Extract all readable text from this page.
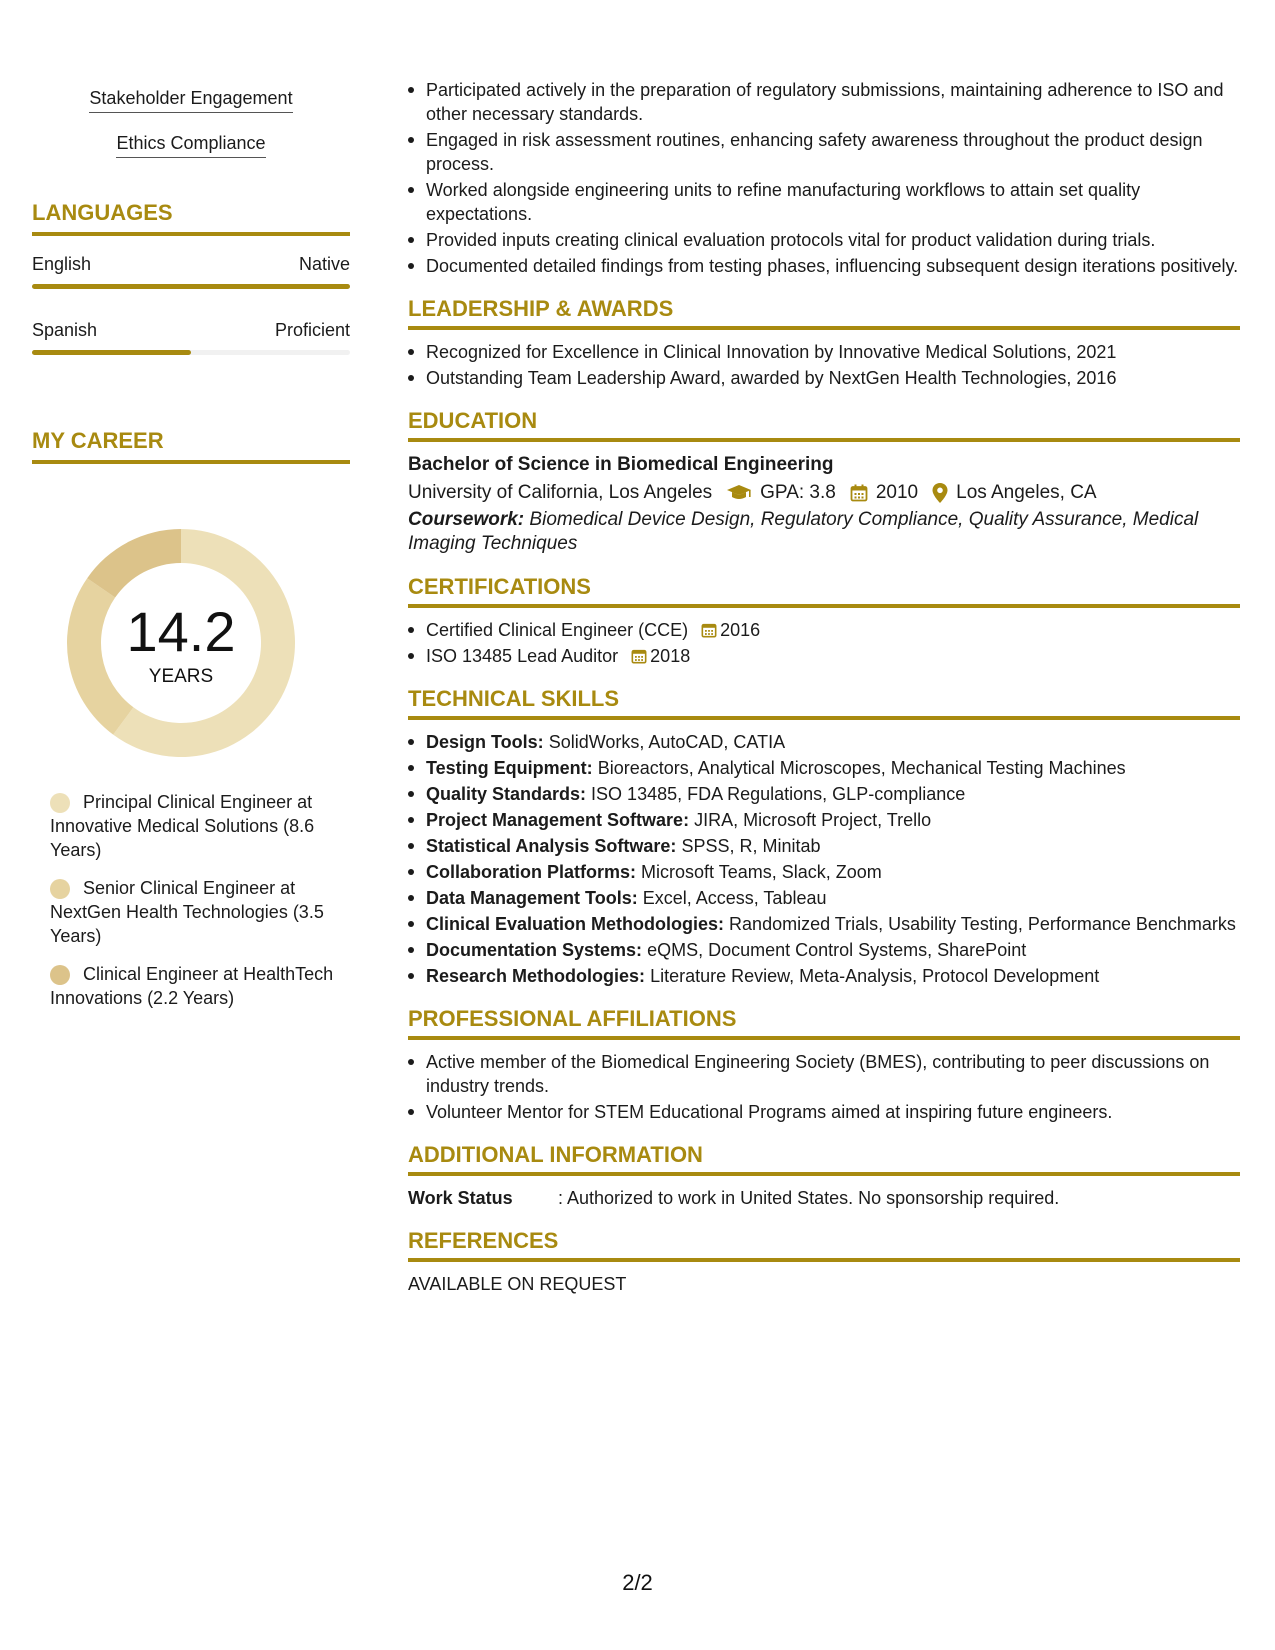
Stakeholder Engagement
Ethics Compliance
LANGUAGES
English	Native
Spanish	Proficient
MY CAREER
14.2
YEARS
Principal Clinical Engineer at Innovative Medical Solutions (8.6 Years)
Senior Clinical Engineer at NextGen Health Technologies (3.5 Years)
Clinical Engineer at HealthTech Innovations (2.2 Years)
Participated actively in the preparation of regulatory submissions, maintaining adherence to ISO and other necessary standards.
Engaged in risk assessment routines, enhancing safety awareness throughout the product design process.
Worked alongside engineering units to refine manufacturing workflows to attain set quality expectations.
Provided inputs creating clinical evaluation protocols vital for product validation during trials.
Documented detailed findings from testing phases, influencing subsequent design iterations positively.
LEADERSHIP & AWARDS
Recognized for Excellence in Clinical Innovation by Innovative Medical Solutions, 2021
Outstanding Team Leadership Award, awarded by NextGen Health Technologies, 2016
EDUCATION
Bachelor of Science in Biomedical Engineering
University of California, Los Angeles	GPA: 3.8 2010 Los Angeles, CA
Coursework: Biomedical Device Design, Regulatory Compliance, Quality Assurance, Medical Imaging Techniques
CERTIFICATIONS
Certified Clinical Engineer (CCE) 2016
ISO 13485 Lead Auditor 2018
TECHNICAL SKILLS
Design Tools: SolidWorks, AutoCAD, CATIA
Testing Equipment: Bioreactors, Analytical Microscopes, Mechanical Testing Machines
Quality Standards: ISO 13485, FDA Regulations, GLP-compliance
Project Management Software: JIRA, Microsoft Project, Trello
Statistical Analysis Software: SPSS, R, Minitab
Collaboration Platforms: Microsoft Teams, Slack, Zoom
Data Management Tools: Excel, Access, Tableau
Clinical Evaluation Methodologies: Randomized Trials, Usability Testing, Performance Benchmarks
Documentation Systems: eQMS, Document Control Systems, SharePoint
Research Methodologies: Literature Review, Meta-Analysis, Protocol Development
PROFESSIONAL AFFILIATIONS
Active member of the Biomedical Engineering Society (BMES), contributing to peer discussions on industry trends.
Volunteer Mentor for STEM Educational Programs aimed at inspiring future engineers.
ADDITIONAL INFORMATION
Work Status	: Authorized to work in United States. No sponsorship required.
REFERENCES
AVAILABLE ON REQUEST
2/2
